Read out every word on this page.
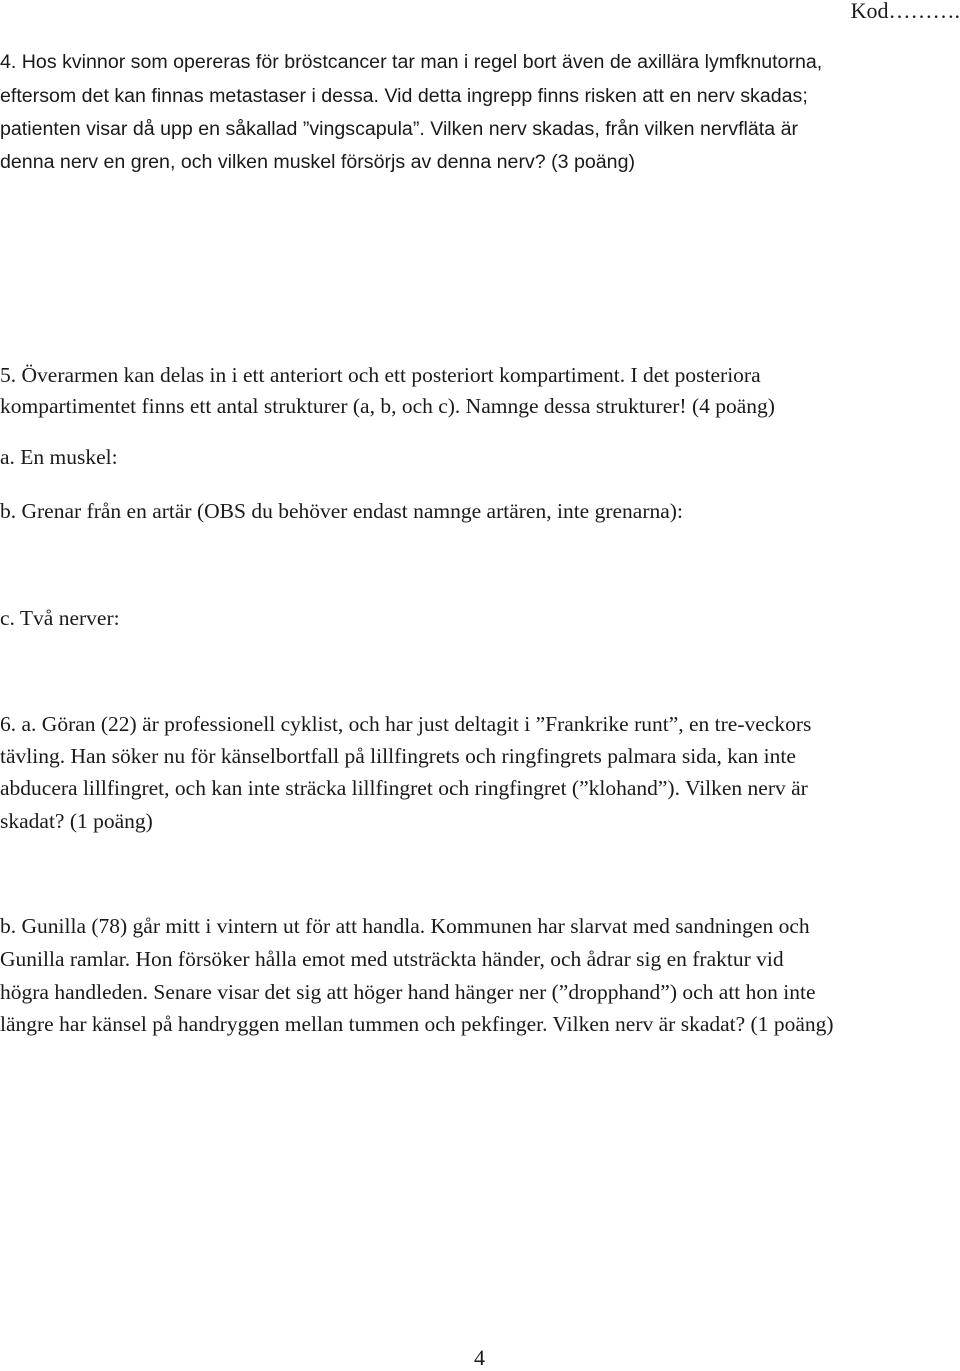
Kod……….
4. Hos kvinnor som opereras för bröstcancer tar man i regel bort även de axillära lymfknutorna,
eftersom det kan finnas metastaser i dessa. Vid detta ingrepp finns risken att en nerv skadas;
patienten visar då upp en såkallad ”vingscapula”. Vilken nerv skadas, från vilken nervfläta är
denna nerv en gren, och vilken muskel försörjs av denna nerv? (3 poäng)
5. Överarmen kan delas in i ett anteriort och ett posteriort kompartiment. I det posteriora
kompartimentet finns ett antal strukturer (a, b, och c). Namnge dessa strukturer! (4 poäng)
a. En muskel:
b. Grenar från en artär (OBS du behöver endast namnge artären, inte grenarna):
c. Två nerver:
6. a. Göran (22) är professionell cyklist, och har just deltagit i ”Frankrike runt”, en tre-veckors
tävling. Han söker nu för känselbortfall på lillfingrets och ringfingrets palmara sida, kan inte
abducera lillfingret, och kan inte sträcka lillfingret och ringfingret (”klohand”). Vilken nerv är
skadat? (1 poäng)
b. Gunilla (78) går mitt i vintern ut för att handla. Kommunen har slarvat med sandningen och
Gunilla ramlar. Hon försöker hålla emot med utsträckta händer, och ådrar sig en fraktur vid
högra handleden. Senare visar det sig att höger hand hänger ner (”dropphand”) och att hon inte
längre har känsel på handryggen mellan tummen och pekfinger. Vilken nerv är skadat? (1 poäng)
4
